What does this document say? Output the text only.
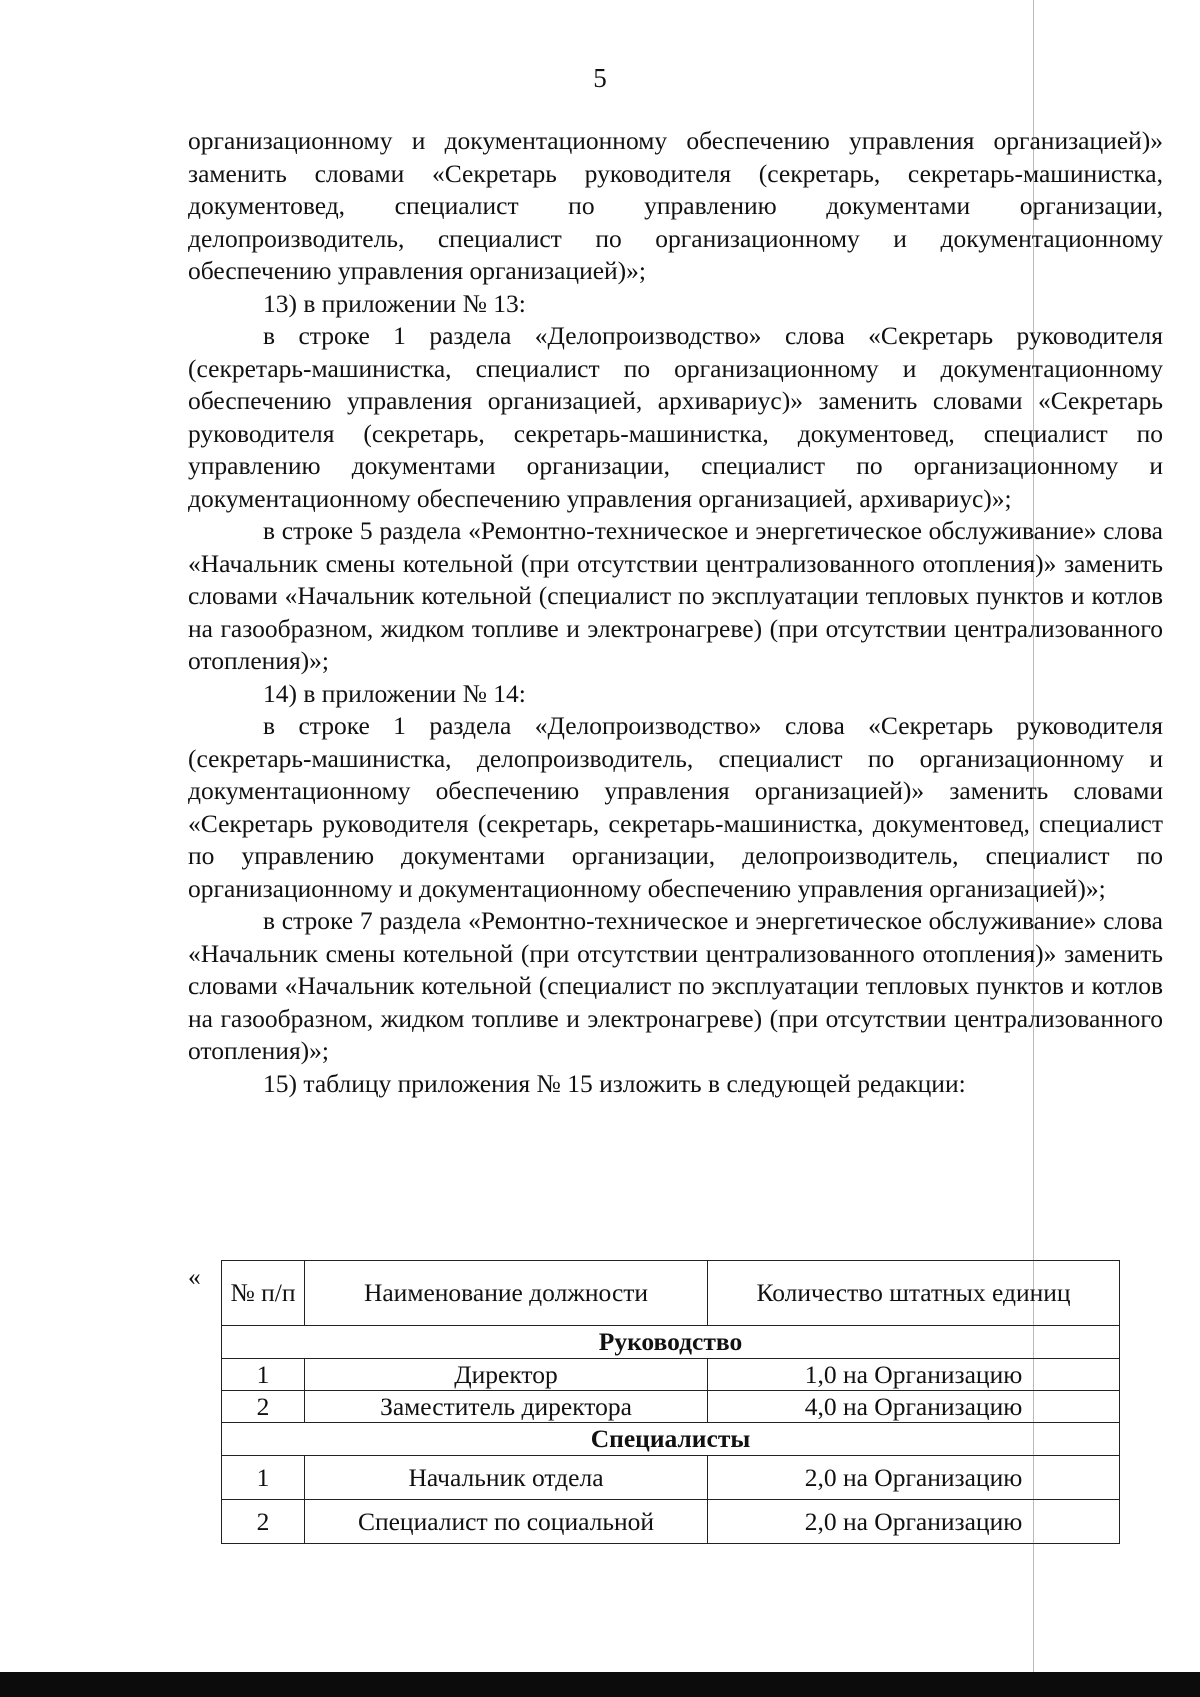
5

организационному и документационному обеспечению управления организацией)» заменить словами «Секретарь руководителя (секретарь, секретарь-машинистка, документовед, специалист по управлению документами организации, делопроизводитель, специалист по организационному и документационному обеспечению управления организацией)»;

13) в приложении № 13:

в строке 1 раздела «Делопроизводство» слова «Секретарь руководителя (секретарь-машинистка, специалист по организационному и документационному обеспечению управления организацией, архивариус)» заменить словами «Секретарь руководителя (секретарь, секретарь-машинистка, документовед, специалист по управлению документами организации, специалист по организационному и документационному обеспечению управления организацией, архивариус)»;

в строке 5 раздела «Ремонтно-техническое и энергетическое обслуживание» слова «Начальник смены котельной (при отсутствии централизованного отопления)» заменить словами «Начальник котельной (специалист по эксплуатации тепловых пунктов и котлов на газообразном, жидком топливе и электронагреве) (при отсутствии централизованного отопления)»;

14) в приложении № 14:

в строке 1 раздела «Делопроизводство» слова «Секретарь руководителя (секретарь-машинистка, делопроизводитель, специалист по организационному и документационному обеспечению управления организацией)» заменить словами «Секретарь руководителя (секретарь, секретарь-машинистка, документовед, специалист по управлению документами организации, делопроизводитель, специалист по организационному и документационному обеспечению управления организацией)»;

в строке 7 раздела «Ремонтно-техническое и энергетическое обслуживание» слова «Начальник смены котельной (при отсутствии централизованного отопления)» заменить словами «Начальник котельной (специалист по эксплуатации тепловых пунктов и котлов на газообразном, жидком топливе и электронагреве) (при отсутствии централизованного отопления)»;

15) таблицу приложения № 15 изложить в следующей редакции:

«
№ п/п	Наименование должности	Количество штатных единиц
Руководство		
1	Директор	1,0 на Организацию
2	Заместитель директора	4,0 на Организацию
Специалисты		
1	Начальник отдела	2,0 на Организацию
2	Специалист по социальной	2,0 на Организацию
